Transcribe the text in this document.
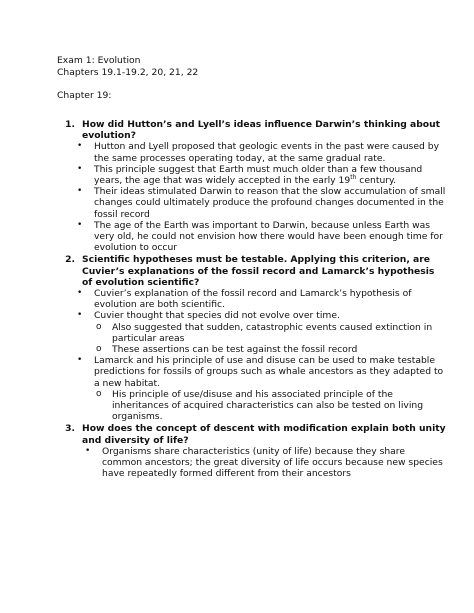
Exam 1: Evolution
Chapters 19.1-19.2, 20, 21, 22
Chapter 19:
1. How did Hutton’s and Lyell’s ideas influence Darwin’s thinking about evolution?
• Hutton and Lyell proposed that geologic events in the past were caused by the same processes operating today, at the same gradual rate.
• This principle suggest that Earth must much older than a few thousand years, the age that was widely accepted in the early 19th century.
• Their ideas stimulated Darwin to reason that the slow accumulation of small changes could ultimately produce the profound changes documented in the fossil record
• The age of the Earth was important to Darwin, because unless Earth was very old, he could not envision how there would have been enough time for evolution to occur
2. Scientific hypotheses must be testable. Applying this criterion, are Cuvier’s explanations of the fossil record and Lamarck’s hypothesis of evolution scientific?
• Cuvier’s explanation of the fossil record and Lamarck’s hypothesis of evolution are both scientific.
• Cuvier thought that species did not evolve over time.
o Also suggested that sudden, catastrophic events caused extinction in particular areas
o These assertions can be test against the fossil record
• Lamarck and his principle of use and disuse can be used to make testable predictions for fossils of groups such as whale ancestors as they adapted to a new habitat.
o His principle of use/disuse and his associated principle of the inheritances of acquired characteristics can also be tested on living organisms.
3. How does the concept of descent with modification explain both unity and diversity of life?
• Organisms share characteristics (unity of life) because they share common ancestors; the great diversity of life occurs because new species have repeatedly formed different from their ancestors
